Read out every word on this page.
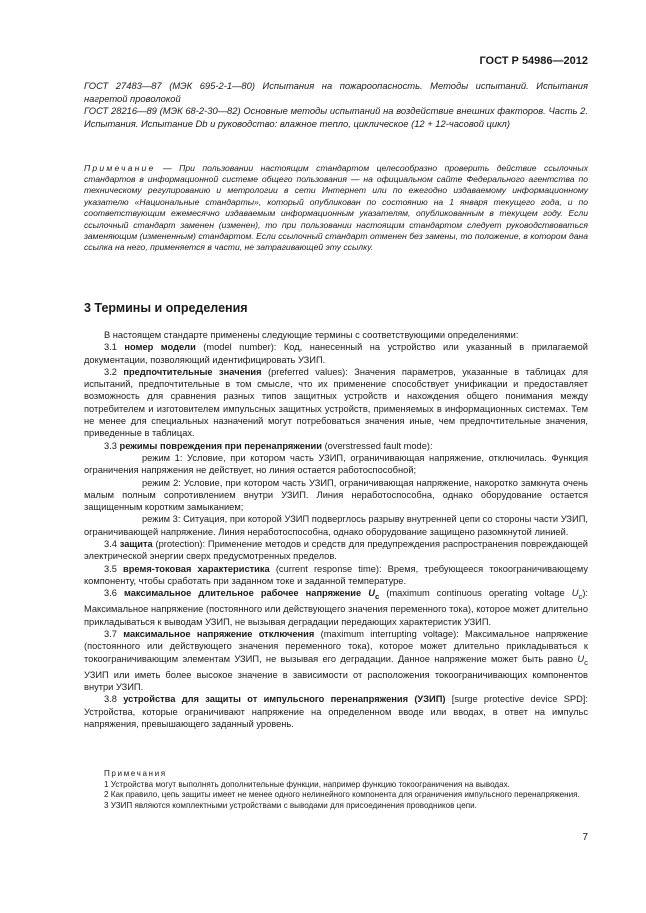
ГОСТ Р 54986—2012

ГОСТ 27483—87 (МЭК 695-2-1—80) Испытания на пожароопасность. Методы испытаний. Испытания нагретой проволокой

ГОСТ 28216—89 (МЭК 68-2-30—82) Основные методы испытаний на воздействие внешних факторов. Часть 2. Испытания. Испытание Db и руководство: влажное тепло, циклическое (12 + 12-часовой цикл)

Примечание — При пользовании настоящим стандартом целесообразно проверить действие ссылочных стандартов в информационной системе общего пользования — на официальном сайте Федерального агентства по техническому регулированию и метрологии в сети Интернет или по ежегодно издаваемому информационному указателю «Национальные стандарты», который опубликован по состоянию на 1 января текущего года, и по соответствующим ежемесячно издаваемым информационным указателям, опубликованным в текущем году. Если ссылочный стандарт заменен (изменен), то при пользовании настоящим стандартом следует руководствоваться заменяющим (измененным) стандартом. Если ссылочный стандарт отменен без замены, то положение, в котором дана ссылка на него, применяется в части, не затрагивающей эту ссылку.

3 Термины и определения

В настоящем стандарте применены следующие термины с соответствующими определениями:

3.1 номер модели (model number): Код, нанесенный на устройство или указанный в прилагаемой документации, позволяющий идентифицировать УЗИП.

3.2 предпочтительные значения (preferred values): Значения параметров, указанные в таблицах для испытаний, предпочтительные в том смысле, что их применение способствует унификации и предоставляет возможность для сравнения разных типов защитных устройств и нахождения общего понимания между потребителем и изготовителем импульсных защитных устройств, применяемых в информационных системах. Тем не менее для специальных назначений могут потребоваться значения иные, чем предпочтительные значения, приведенные в таблицах.

3.3 режимы повреждения при перенапряжении (overstressed fault mode):

режим 1: Условие, при котором часть УЗИП, ограничивающая напряжение, отключилась. Функция ограничения напряжения не действует, но линия остается работоспособной;

режим 2: Условие, при котором часть УЗИП, ограничивающая напряжение, накоротко замкнута очень малым полным сопротивлением внутри УЗИП. Линия неработоспособна, однако оборудование остается защищенным коротким замыканием;

режим 3: Ситуация, при которой УЗИП подверглось разрыву внутренней цепи со стороны части УЗИП, ограничивающей напряжение. Линия неработоспособна, однако оборудование защищено разомкнутой линией.

3.4 защита (protection): Применение методов и средств для предупреждения распространения повреждающей электрической энергии сверх предусмотренных пределов.

3.5 время-токовая характеристика (current response time): Время, требующееся токоограничивающему компоненту, чтобы сработать при заданном токе и заданной температуре.

3.6 максимальное длительное рабочее напряжение $U_c$ (maximum continuous operating voltage $U_c$): Максимальное напряжение (постоянного или действующего значения переменного тока), которое может длительно прикладываться к выводам УЗИП, не вызывая деградации передающих характеристик УЗИП.

3.7 максимальное напряжение отключения (maximum interrupting voltage): Максимальное напряжение (постоянного или действующего значения переменного тока), которое может длительно прикладываться к токоограничивающим элементам УЗИП, не вызывая его деградации. Данное напряжение может быть равно $U_c$ УЗИП или иметь более высокое значение в зависимости от расположения токоограничивающих компонентов внутри УЗИП.

3.8 устройства для защиты от импульсного перенапряжения (УЗИП) [surge protective device SPD]: Устройства, которые ограничивают напряжение на определенном вводе или вводах, в ответ на импульс напряжения, превышающего заданный уровень.

Примечания

1 Устройства могут выполнять дополнительные функции, например функцию токоограничения на выводах.

2 Как правило, цепь защиты имеет не менее одного нелинейного компонента для ограничения импульсного перенапряжения.

3 УЗИП являются комплектными устройствами с выводами для присоединения проводников цепи.

7
